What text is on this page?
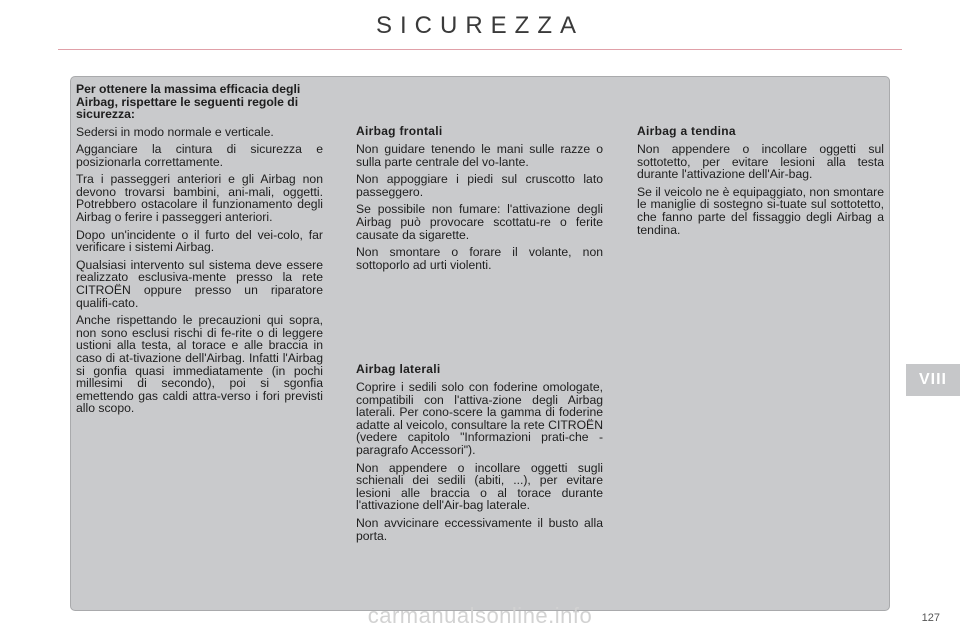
SICUREZZA

Per ottenere la massima efficacia degli Airbag, rispettare le seguenti regole di sicurezza:

Sedersi in modo normale e verticale.

Agganciare la cintura di sicurezza e posizionarla correttamente.

Tra i passeggeri anteriori e gli Airbag non devono trovarsi bambini, ani-mali, oggetti. Potrebbero ostacolare il funzionamento degli Airbag o ferire i passeggeri anteriori.

Dopo un'incidente o il furto del vei-colo, far verificare i sistemi Airbag.

Qualsiasi intervento sul sistema deve essere realizzato esclusiva-mente presso la rete CITROËN oppure presso un riparatore qualifi-cato.

Anche rispettando le precauzioni qui sopra, non sono esclusi rischi di fe-rite o di leggere ustioni alla testa, al torace e alle braccia in caso di at-tivazione dell'Airbag. Infatti l'Airbag si gonfia quasi immediatamente (in pochi millesimi di secondo), poi si sgonfia emettendo gas caldi attra-verso i fori previsti allo scopo.

Airbag frontali

Non guidare tenendo le mani sulle razze o sulla parte centrale del vo-lante.

Non appoggiare i piedi sul cruscotto lato passeggero.

Se possibile non fumare: l'attivazione degli Airbag può provocare scottatu-re o ferite causate da sigarette.

Non smontare o forare il volante, non sottoporlo ad urti violenti.

Airbag laterali

Coprire i sedili solo con foderine omologate, compatibili con l'attiva-zione degli Airbag laterali. Per cono-scere la gamma di foderine adatte al veicolo, consultare la rete CITROËN (vedere capitolo "Informazioni prati-che - paragrafo Accessori").

Non appendere o incollare oggetti sugli schienali dei sedili (abiti, ...), per evitare lesioni alle braccia o al torace durante l'attivazione dell'Air-bag laterale.

Non avvicinare eccessivamente il busto alla porta.

Airbag a tendina

Non appendere o incollare oggetti sul sottotetto, per evitare lesioni alla testa durante l'attivazione dell'Air-bag.

Se il veicolo ne è equipaggiato, non smontare le maniglie di sostegno si-tuate sul sottotetto, che fanno parte del fissaggio degli Airbag a tendina.

VIII
carmanualsonline.info	127
